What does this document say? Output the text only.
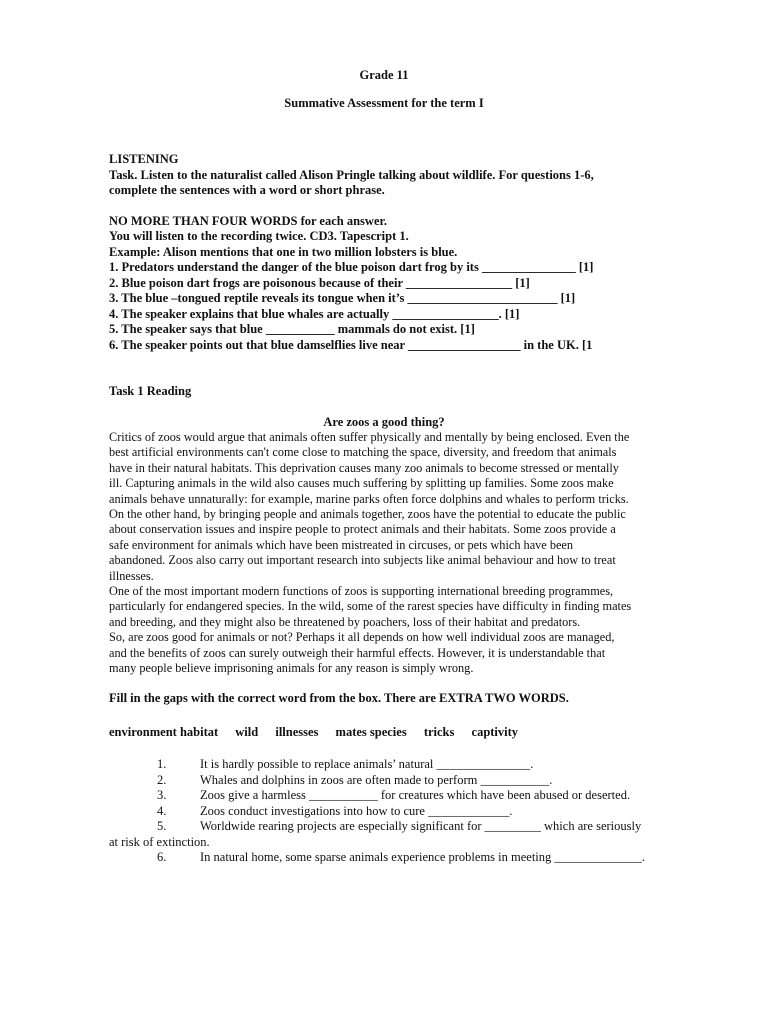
Grade 11
Summative Assessment for the term I
LISTENING
Task. Listen to the naturalist called Alison Pringle talking about wildlife. For questions 1-6,
complete the sentences with a word or short phrase.
NO MORE THAN FOUR WORDS for each answer.
You will listen to the recording twice. CD3. Tapescript 1.
Example: Alison mentions that one in two million lobsters is blue.
1. Predators understand the danger of the blue poison dart frog by its _______________ [1]
2. Blue poison dart frogs are poisonous because of their _________________ [1]
3. The blue –tongued reptile reveals its tongue when it’s ________________________ [1]
4. The speaker explains that blue whales are actually _________________. [1]
5. The speaker says that blue ___________ mammals do not exist. [1]
6. The speaker points out that blue damselflies live near __________________ in the UK. [1
Task 1 Reading
Are zoos a good thing?

Critics of zoos would argue that animals often suffer physically and mentally by being enclosed. Even the

best artificial environments can't come close to matching the space, diversity, and freedom that animals

have in their natural habitats. This deprivation causes many zoo animals to become stressed or mentally

ill. Capturing animals in the wild also causes much suffering by splitting up families. Some zoos make

animals behave unnaturally: for example, marine parks often force dolphins and whales to perform tricks.

On the other hand, by bringing people and animals together, zoos have the potential to educate the public

about conservation issues and inspire people to protect animals and their habitats. Some zoos provide a

safe environment for animals which have been mistreated in circuses, or pets which have been

abandoned. Zoos also carry out important research into subjects like animal behaviour and how to treat

illnesses.

One of the most important modern functions of zoos is supporting international breeding programmes,

particularly for endangered species. In the wild, some of the rarest species have difficulty in finding mates

and breeding, and they might also be threatened by poachers, loss of their habitat and predators.

So, are zoos good for animals or not? Perhaps it all depends on how well individual zoos are managed,

and the benefits of zoos can surely outweigh their harmful effects. However, it is understandable that

many people believe imprisoning animals for any reason is simply wrong.

Fill in the gaps with the correct word from the box. There are EXTRA TWO WORDS.
environment habitat wild illnesses mates species tricks captivity
1.	It is hardly possible to replace animals’ natural _______________.
2.	Whales and dolphins in zoos are often made to perform ___________.
3.	Zoos give a harmless ___________ for creatures which have been abused or deserted.
4.	Zoos conduct investigations into how to cure _____________.
5.	Worldwide rearing projects are especially significant for _________ which are seriously
at risk of extinction.
6.	In natural home, some sparse animals experience problems in meeting ______________.
